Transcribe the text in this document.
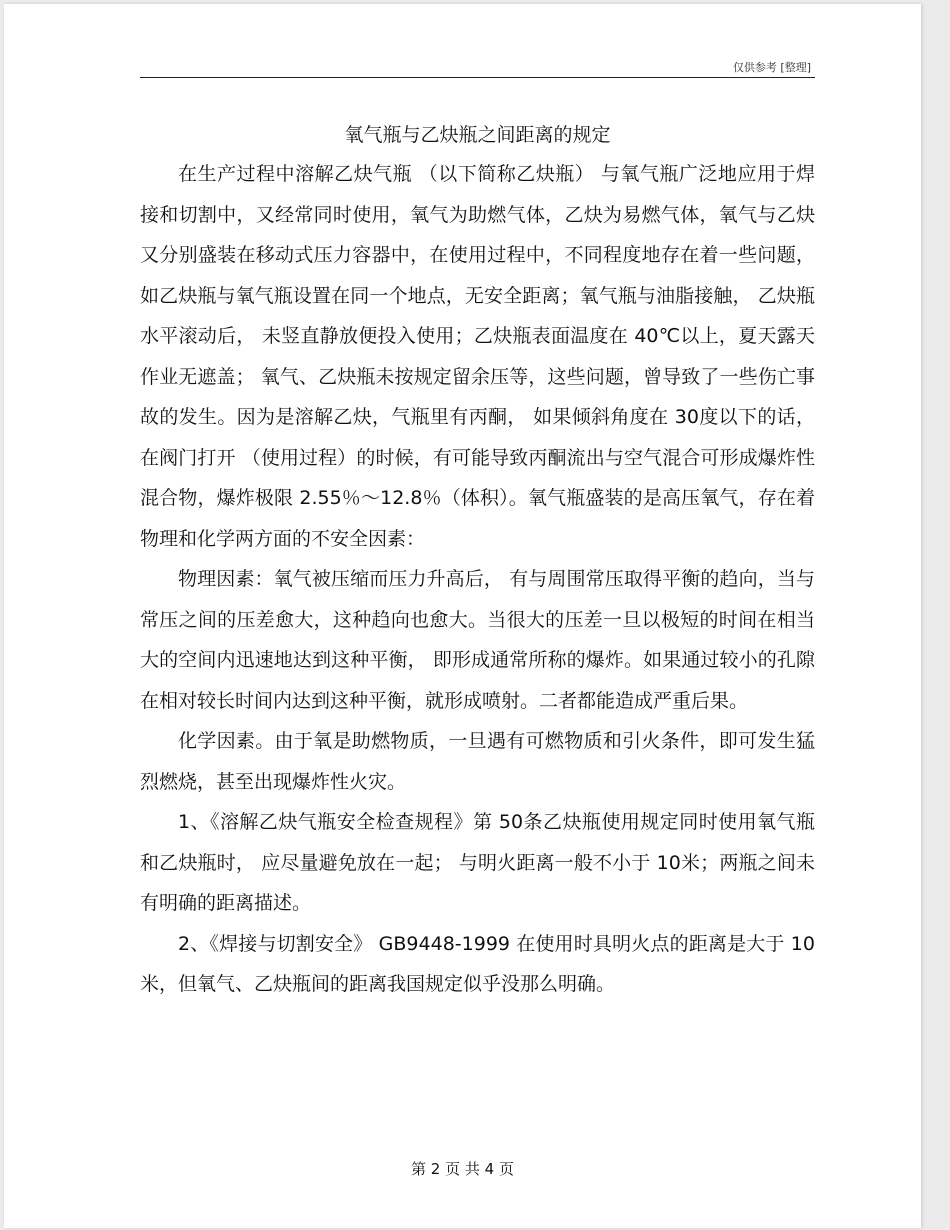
仅供参考 [整理]
氧气瓶与乙炔瓶之间距离的规定

在生产过程中溶解乙炔气瓶 （以下简称乙炔瓶） 与氧气瓶广泛地应用于焊接和切割中，又经常同时使用，氧气为助燃气体，乙炔为易燃气体，氧气与乙炔又分别盛装在移动式压力容器中，在使用过程中，不同程度地存在着一些问题，如乙炔瓶与氧气瓶设置在同一个地点，无安全距离；氧气瓶与油脂接触， 乙炔瓶水平滚动后， 未竖直静放便投入使用；乙炔瓶表面温度在 40℃以上，夏天露天作业无遮盖； 氧气、乙炔瓶未按规定留余压等，这些问题，曾导致了一些伤亡事故的发生。因为是溶解乙炔，气瓶里有丙酮， 如果倾斜角度在 30度以下的话， 在阀门打开 （使用过程）的时候，有可能导致丙酮流出与空气混合可形成爆炸性混合物，爆炸极限 2.55％～12.8％（体积）。氧气瓶盛装的是高压氧气，存在着物理和化学两方面的不安全因素：

物理因素：氧气被压缩而压力升高后， 有与周围常压取得平衡的趋向，当与常压之间的压差愈大，这种趋向也愈大。当很大的压差一旦以极短的时间在相当大的空间内迅速地达到这种平衡， 即形成通常所称的爆炸。如果通过较小的孔隙在相对较长时间内达到这种平衡，就形成喷射。二者都能造成严重后果。

化学因素。由于氧是助燃物质，一旦遇有可燃物质和引火条件，即可发生猛烈燃烧，甚至出现爆炸性火灾。

1、《溶解乙炔气瓶安全检查规程》第 50条乙炔瓶使用规定同时使用氧气瓶和乙炔瓶时， 应尽量避免放在一起； 与明火距离一般不小于 10米；两瓶之间未有明确的距离描述。

2、《焊接与切割安全》 GB9448-1999 在使用时具明火点的距离是大于 10米，但氧气、乙炔瓶间的距离我国规定似乎没那么明确。

第 2 页 共 4 页
